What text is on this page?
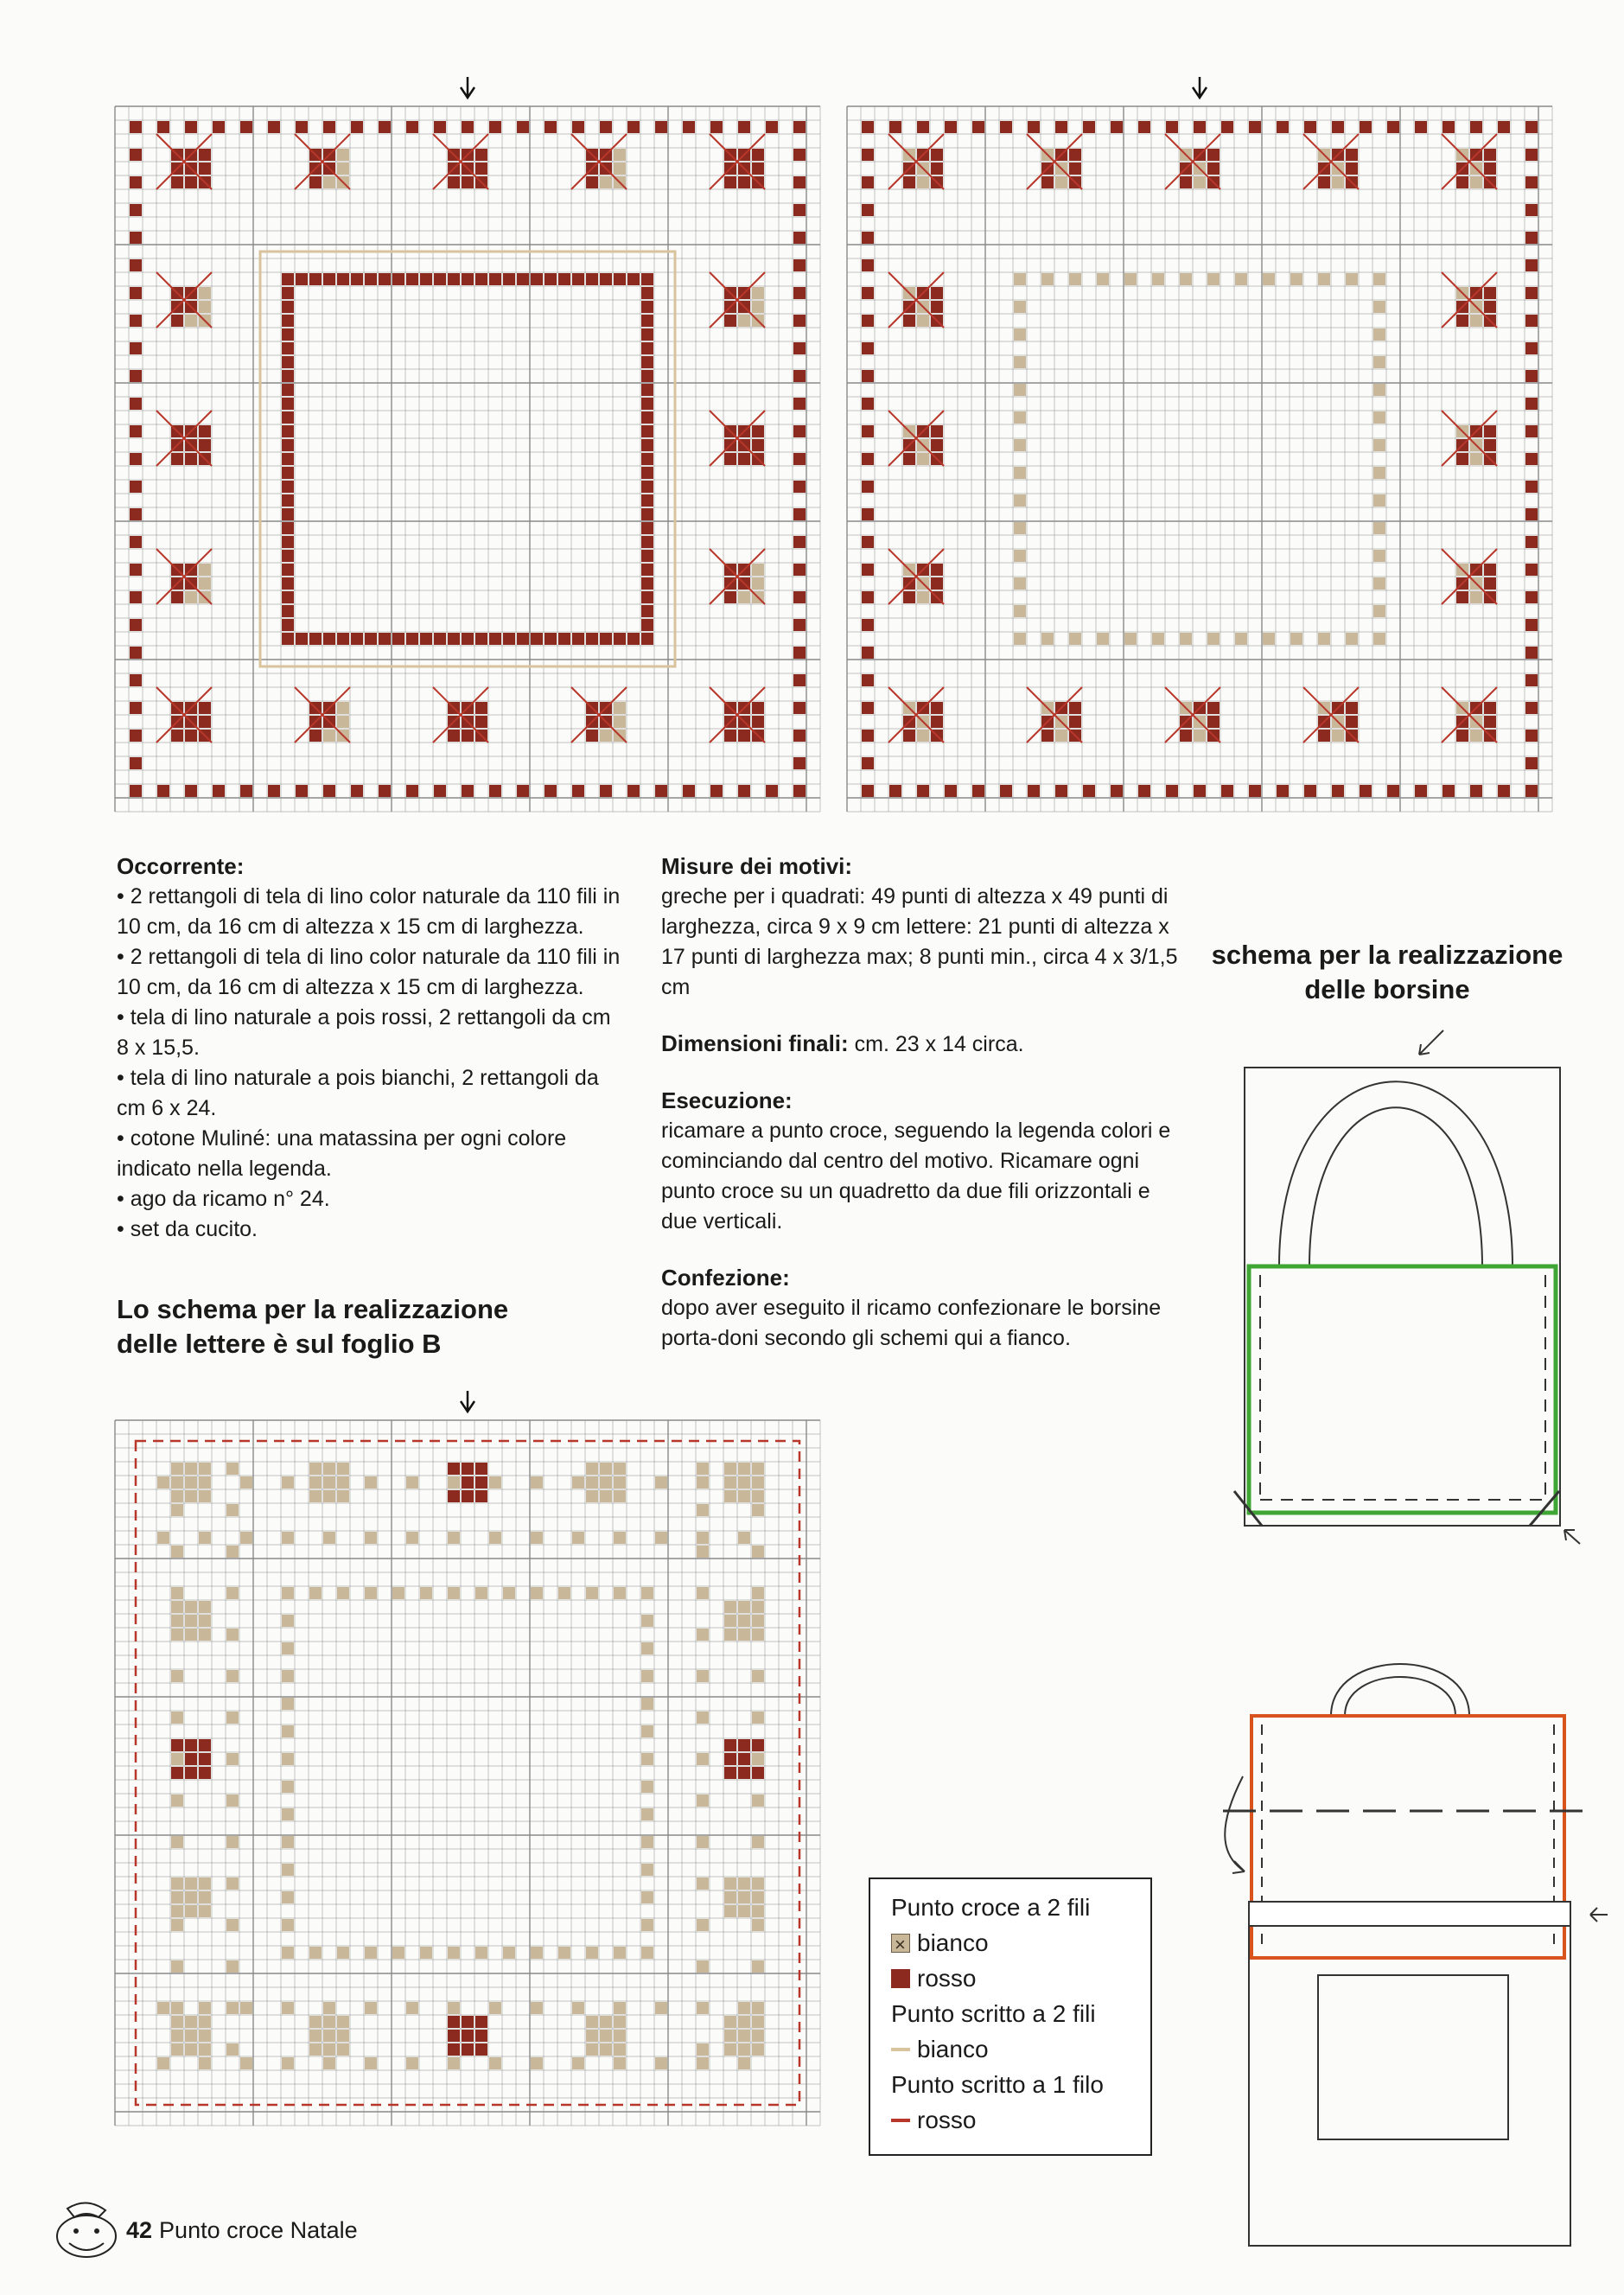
Occorrente:

• 2 rettangoli di tela di lino color naturale da 110 fili in 10 cm, da 16 cm di altezza x 15 cm di larghezza.

• 2 rettangoli di tela di lino color naturale da 110 fili in 10 cm, da 16 cm di altezza x 15 cm di larghezza.

• tela di lino naturale a pois rossi, 2 rettangoli da cm 8 x 15,5.

• tela di lino naturale a pois bianchi, 2 rettangoli da cm 6 x 24.

• cotone Muliné: una matassina per ogni colore indicato nella legenda.

• ago da ricamo n° 24.

• set da cucito.

Lo schema per la realizzazione delle lettere è sul foglio B

Misure dei motivi:

greche per i quadrati: 49 punti di altezza x 49 punti di larghezza, circa 9 x 9 cm lettere: 21 punti di altezza x 17 punti di larghezza max; 8 punti min., circa 4 x 3/1,5 cm

Dimensioni finali: cm. 23 x 14 circa.

Esecuzione:

ricamare a punto croce, seguendo la legenda colori e cominciando dal centro del motivo. Ricamare ogni punto croce su un quadretto da due fili orizzontali e due verticali.

Confezione:

dopo aver eseguito il ricamo confezionare le borsine porta-doni secondo gli schemi qui a fianco.

schema per la realizzazione delle borsine
Punto croce a 2 fili
×
bianco
rosso
Punto scritto a 2 fili
bianco
Punto scritto a 1 filo
rosso
42 Punto croce Natale
